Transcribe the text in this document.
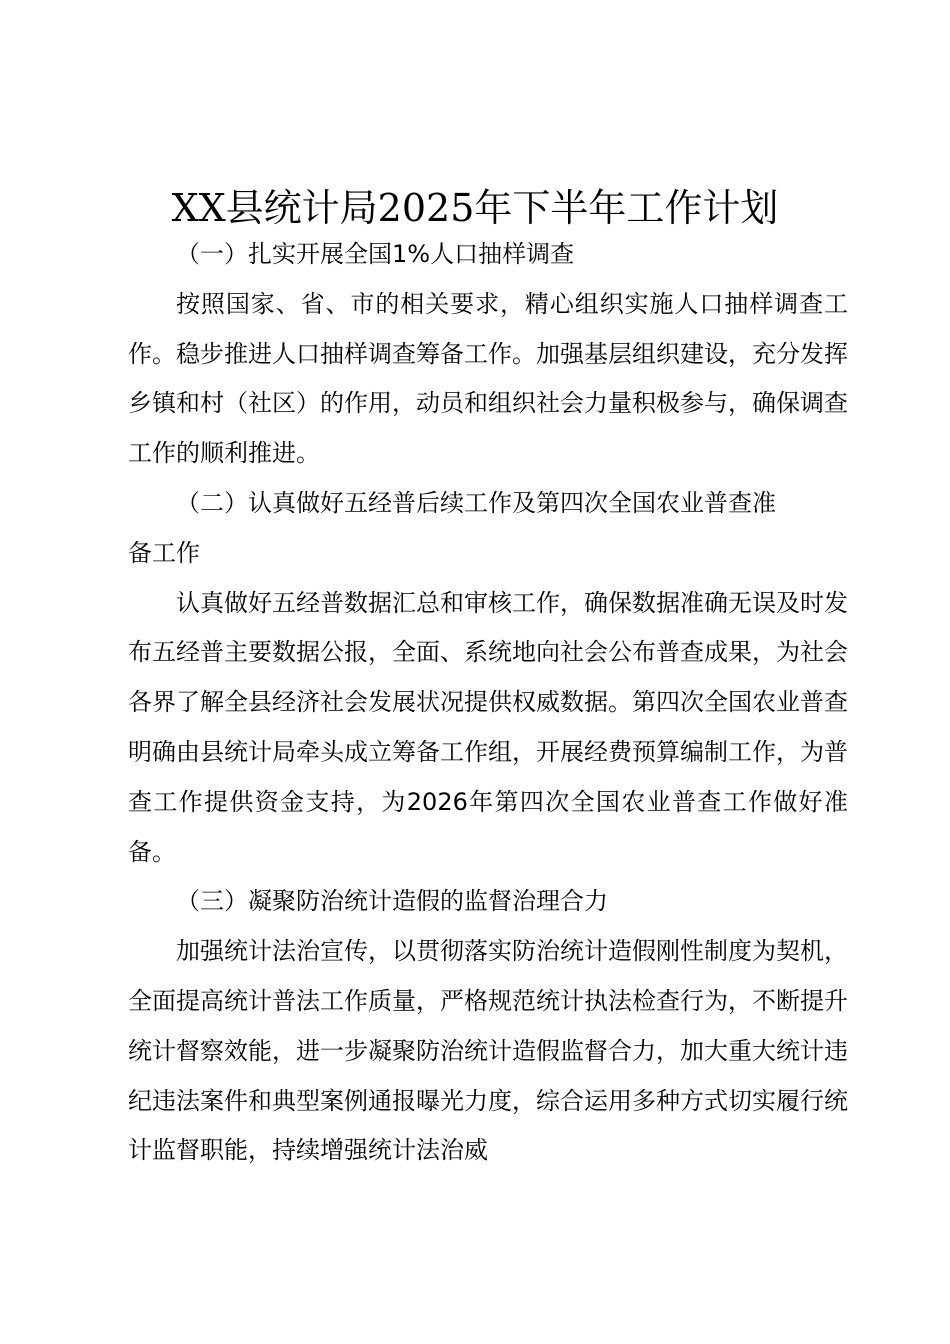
XX县统计局2025年下半年工作计划

（一）扎实开展全国1%人口抽样调查

按照国家、省、市的相关要求，精心组织实施人口抽样调查工作。稳步推进人口抽样调查筹备工作。加强基层组织建设，充分发挥乡镇和村（社区）的作用，动员和组织社会力量积极参与，确保调查工作的顺利推进。

（二）认真做好五经普后续工作及第四次全国农业普查准
备工作

认真做好五经普数据汇总和审核工作，确保数据准确无误及时发布五经普主要数据公报，全面、系统地向社会公布普查成果，为社会各界了解全县经济社会发展状况提供权威数据。第四次全国农业普查明确由县统计局牵头成立筹备工作组，开展经费预算编制工作，为普查工作提供资金支持，为2026年第四次全国农业普查工作做好准备。

（三）凝聚防治统计造假的监督治理合力

加强统计法治宣传，以贯彻落实防治统计造假刚性制度为契机，全面提高统计普法工作质量，严格规范统计执法检查行为，不断提升统计督察效能，进一步凝聚防治统计造假监督合力，加大重大统计违纪违法案件和典型案例通报曝光力度，综合运用多种方式切实履行统计监督职能，持续增强统计法治威
